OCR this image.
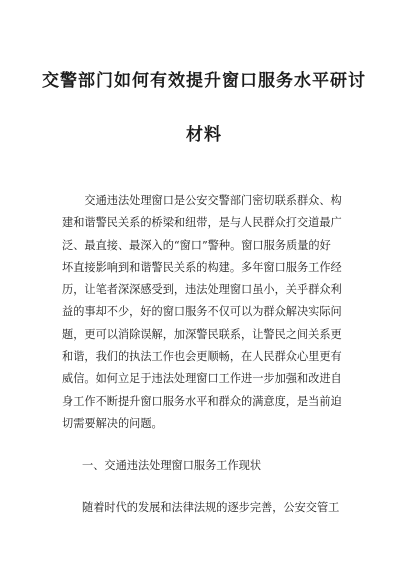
交警部门如何有效提升窗口服务水平研讨
材料
　　交通违法处理窗口是公安交警部门密切联系群众、构
建和谐警民关系的桥梁和纽带，是与人民群众打交道最广
泛、最直接、最深入的“窗口”警种。窗口服务质量的好
坏直接影响到和谐警民关系的构建。多年窗口服务工作经
历，让笔者深深感受到，违法处理窗口虽小，关乎群众利
益的事却不少，好的窗口服务不仅可以为群众解决实际问
题，更可以消除误解，加深警民联系，让警民之间关系更
和谐，我们的执法工作也会更顺畅，在人民群众心里更有
威信。如何立足于违法处理窗口工作进一步加强和改进自
身工作不断提升窗口服务水平和群众的满意度，是当前迫
切需要解决的问题。
一、交通违法处理窗口服务工作现状
随着时代的发展和法律法规的逐步完善，公安交管工
